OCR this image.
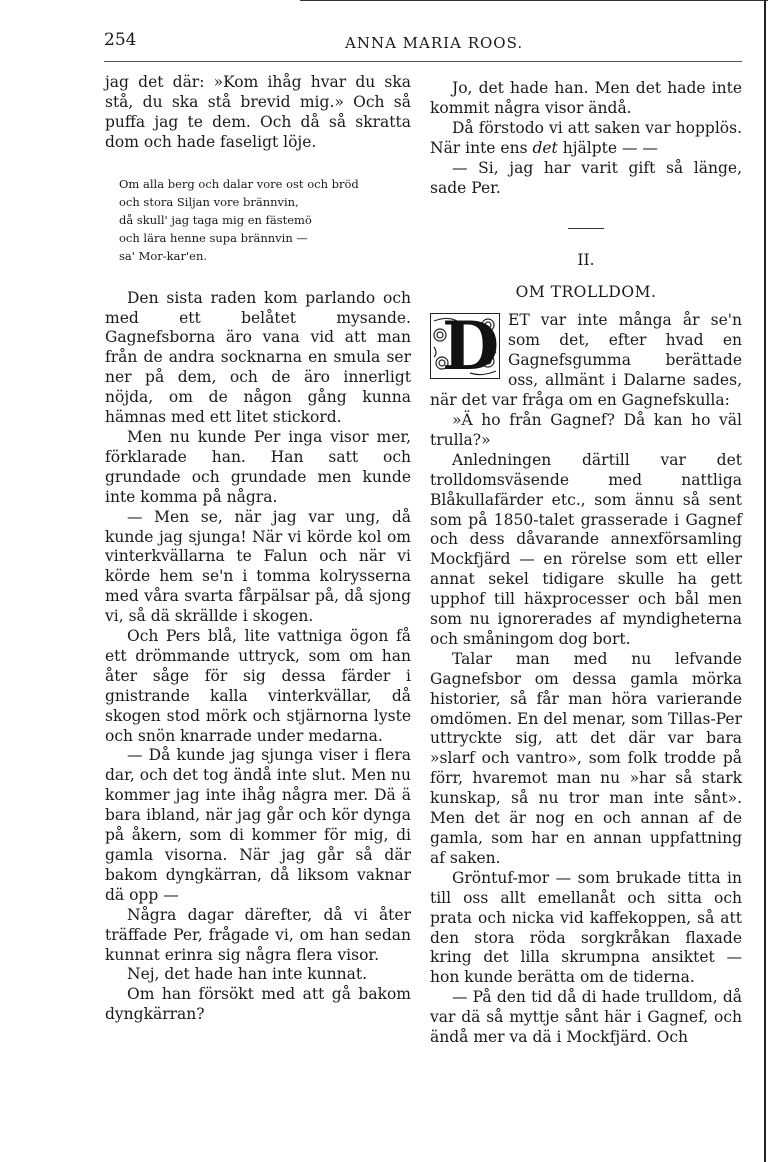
254	ANNA MARIA ROOS.

jag det där: »Kom ihåg hvar du ska stå, du ska stå brevid mig.» Och så puffa jag te dem. Och då så skratta dom och hade faseligt löje.

Om alla berg och dalar vore ost och bröd
och stora Siljan vore brännvin,
då skull' jag taga mig en fästemö
och lära henne supa brännvin —
sa' Mor-kar'en.

Den sista raden kom parlando och med ett belåtet mysande. Gagnefsborna äro vana vid att man från de andra socknarna en smula ser ner på dem, och de äro innerligt nöjda, om de någon gång kunna hämnas med ett litet stickord.

Men nu kunde Per inga visor mer, förklarade han. Han satt och grundade och grundade men kunde inte komma på några.

— Men se, när jag var ung, då kunde jag sjunga! När vi körde kol om vinterkvällarna te Falun och när vi körde hem se'n i tomma kolrysserna med våra svarta fårpälsar på, då sjong vi, så dä skrällde i skogen.

Och Pers blå, lite vattniga ögon få ett drömmande uttryck, som om han åter såge för sig dessa färder i gnistrande kalla vinterkvällar, då skogen stod mörk och stjärnorna lyste och snön knarrade under medarna.

— Då kunde jag sjunga viser i flera dar, och det tog ändå inte slut. Men nu kommer jag inte ihåg några mer. Dä ä bara ibland, när jag går och kör dynga på åkern, som di kommer för mig, di gamla visorna. När jag går så där bakom dyngkärran, då liksom vaknar dä opp —

Några dagar därefter, då vi åter träffade Per, frågade vi, om han sedan kunnat erinra sig några flera visor.

Nej, det hade han inte kunnat.

Om han försökt med att gå bakom dyngkärran?

Jo, det hade han. Men det hade inte kommit några visor ändå.

Då förstodo vi att saken var hopplös. När inte ens det hjälpte — —

— Si, jag har varit gift så länge, sade Per.

II.
OM TROLLDOM.

D ET var inte många år se'n som det, efter hvad en Gagnefsgumma berättade oss, allmänt i Dalarne sades, när det var fråga om en Gagnefskulla:

»Ä ho från Gagnef? Då kan ho väl trulla?»

Anledningen därtill var det trolldomsväsende med nattliga Blåkullafärder etc., som ännu så sent som på 1850-talet grasserade i Gagnef och dess dåvarande annexförsamling Mockfjärd — en rörelse som ett eller annat sekel tidigare skulle ha gett upphof till häxprocesser och bål men som nu ignorerades af myndigheterna och småningom dog bort.

Talar man med nu lefvande Gagnefsbor om dessa gamla mörka historier, så får man höra varierande omdömen. En del menar, som Tillas-Per uttryckte sig, att det där var bara »slarf och vantro», som folk trodde på förr, hvaremot man nu »har så stark kunskap, så nu tror man inte sånt». Men det är nog en och annan af de gamla, som har en annan uppfattning af saken.

Gröntuf-mor — som brukade titta in till oss allt emellanåt och sitta och prata och nicka vid kaffekoppen, så att den stora röda sorgkråkan flaxade kring det lilla skrumpna ansiktet — hon kunde berätta om de tiderna.

— På den tid då di hade trulldom, då var dä så myttje sånt här i Gagnef, och ändå mer va dä i Mockfjärd. Och
